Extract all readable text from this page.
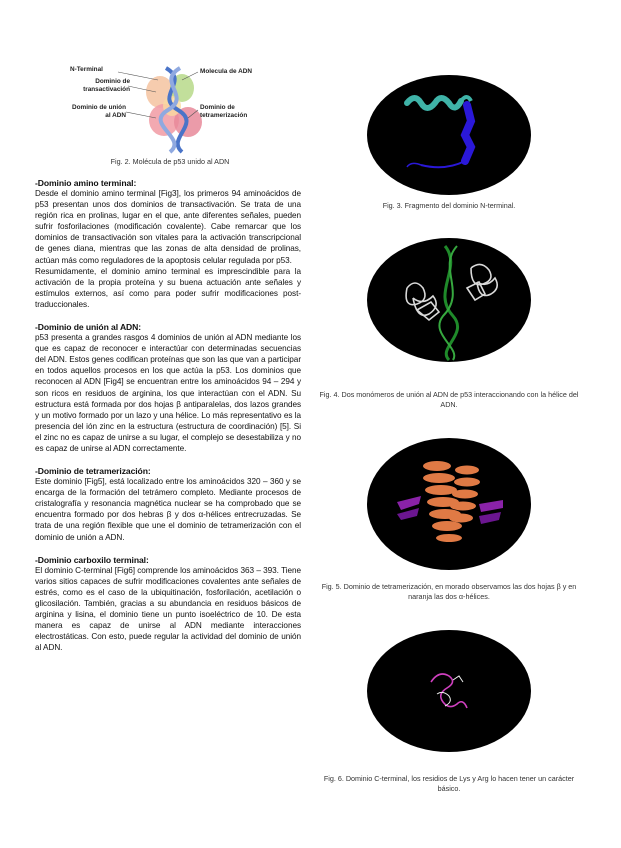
N-Terminal
Dominio de transactivación
Dominio de unión al ADN
Molecula de ADN
Dominio de tetramerización
Fig. 2. Molécula de p53 unido al ADN
-Dominio amino terminal:

Desde el dominio amino terminal [Fig3], los primeros 94 aminoácidos de p53 presentan unos dos dominios de transactivación. Se trata de una región rica en prolinas, lugar en el que, ante diferentes señales, pueden sufrir fosforilaciones (modificación covalente). Cabe remarcar que los dominios de transactivación son vitales para la activación transcripcional de genes diana, mientras que las zonas de alta densidad de prolinas, actúan más como reguladores de la apoptosis celular regulada por p53.

Resumidamente, el dominio amino terminal es imprescindible para la activación de la propia proteína y su buena actuación ante señales y estímulos externos, así como para poder sufrir modificaciones post-traduccionales.

-Dominio de unión al ADN:

p53 presenta a grandes rasgos 4 dominios de unión al ADN mediante los que es capaz de reconocer e interactúar con determinadas secuencias del ADN. Estos genes codifican proteínas que son las que van a participar en todos aquellos procesos en los que actúa la p53. Los dominios que reconocen al ADN [Fig4] se encuentran entre los aminoácidos 94 – 294 y son ricos en residuos de arginina, los que interactúan con el ADN. Su estructura está formada por dos hojas β antiparalelas, dos lazos grandes y un motivo formado por un lazo y una hélice. Lo más representativo es la presencia del ión zinc en la estructura (estructura de coordinación) [5]. Si el zinc no es capaz de unirse a su lugar, el complejo se desestabiliza y no es capaz de unirse al ADN correctamente.

-Dominio de tetramerización:

Este dominio [Fig5], está localizado entre los aminoácidos 320 – 360 y se encarga de la formación del tetrámero completo. Mediante procesos de cristalografía y resonancia magnética nuclear se ha comprobado que se encuentra formado por dos hebras β y dos α-hélices entrecruzadas. Se trata de una región flexible que une el dominio de tetramerización con el dominio de unión a ADN.

-Dominio carboxilo terminal:

El dominio C-terminal [Fig6] comprende los aminoácidos 363 – 393. Tiene varios sitios capaces de sufrir modificaciones covalentes ante señales de estrés, como es el caso de la ubiquitinación, fosforilación, acetilación o glicosilación. También, gracias a su abundancia en residuos básicos de arginina y lisina, el dominio tiene un punto isoeléctrico de 10. De esta manera es capaz de unirse al ADN mediante interacciones electrostáticas. Con esto, puede regular la actividad del dominio de unión al ADN.

Fig. 3. Fragmento del dominio N-terminal.
Fig. 4. Dos monómeros de unión al ADN de p53 interaccionando con la hélice del ADN.
Fig. 5. Dominio de tetramerización, en morado observamos las dos hojas β y en naranja las dos α-hélices.
Fig. 6. Dominio C-terminal, los residios de Lys y Arg lo hacen tener un carácter básico.
